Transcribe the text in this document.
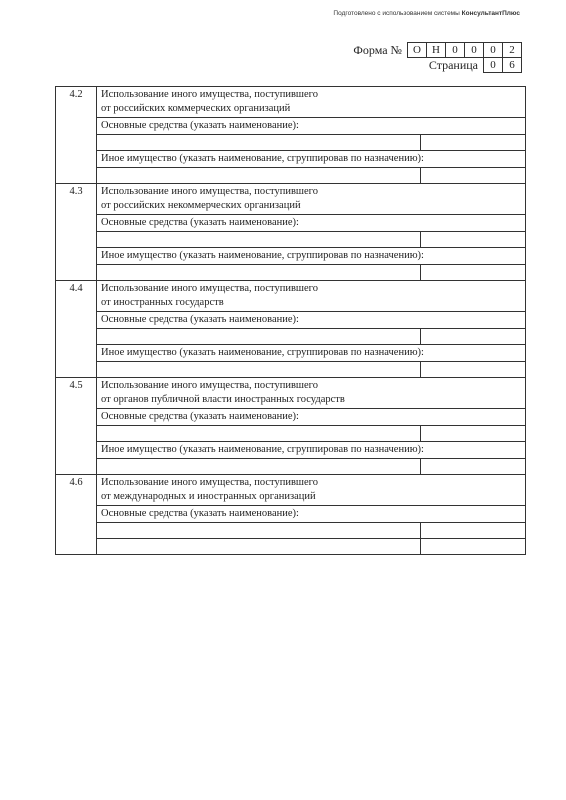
Подготовлено с использованием системы КонсультантПлюс
Форма №	О	Н	0	0	0	2
Страница	0	6
4.2	Использование иного имущества, поступившего
от российских коммерческих организаций
Основные средства (указать наименование):
Иное имущество (указать наименование, сгруппировав по назначению):

4.3	Использование иного имущества, поступившего
от российских некоммерческих организаций
Основные средства (указать наименование):
Иное имущество (указать наименование, сгруппировав по назначению):

4.4	Использование иного имущества, поступившего
от иностранных государств
Основные средства (указать наименование):
Иное имущество (указать наименование, сгруппировав по назначению):

4.5	Использование иного имущества, поступившего
от органов публичной власти иностранных государств
Основные средства (указать наименование):
Иное имущество (указать наименование, сгруппировав по назначению):

4.6	Использование иного имущества, поступившего
от международных и иностранных организаций
Основные средства (указать наименование):
